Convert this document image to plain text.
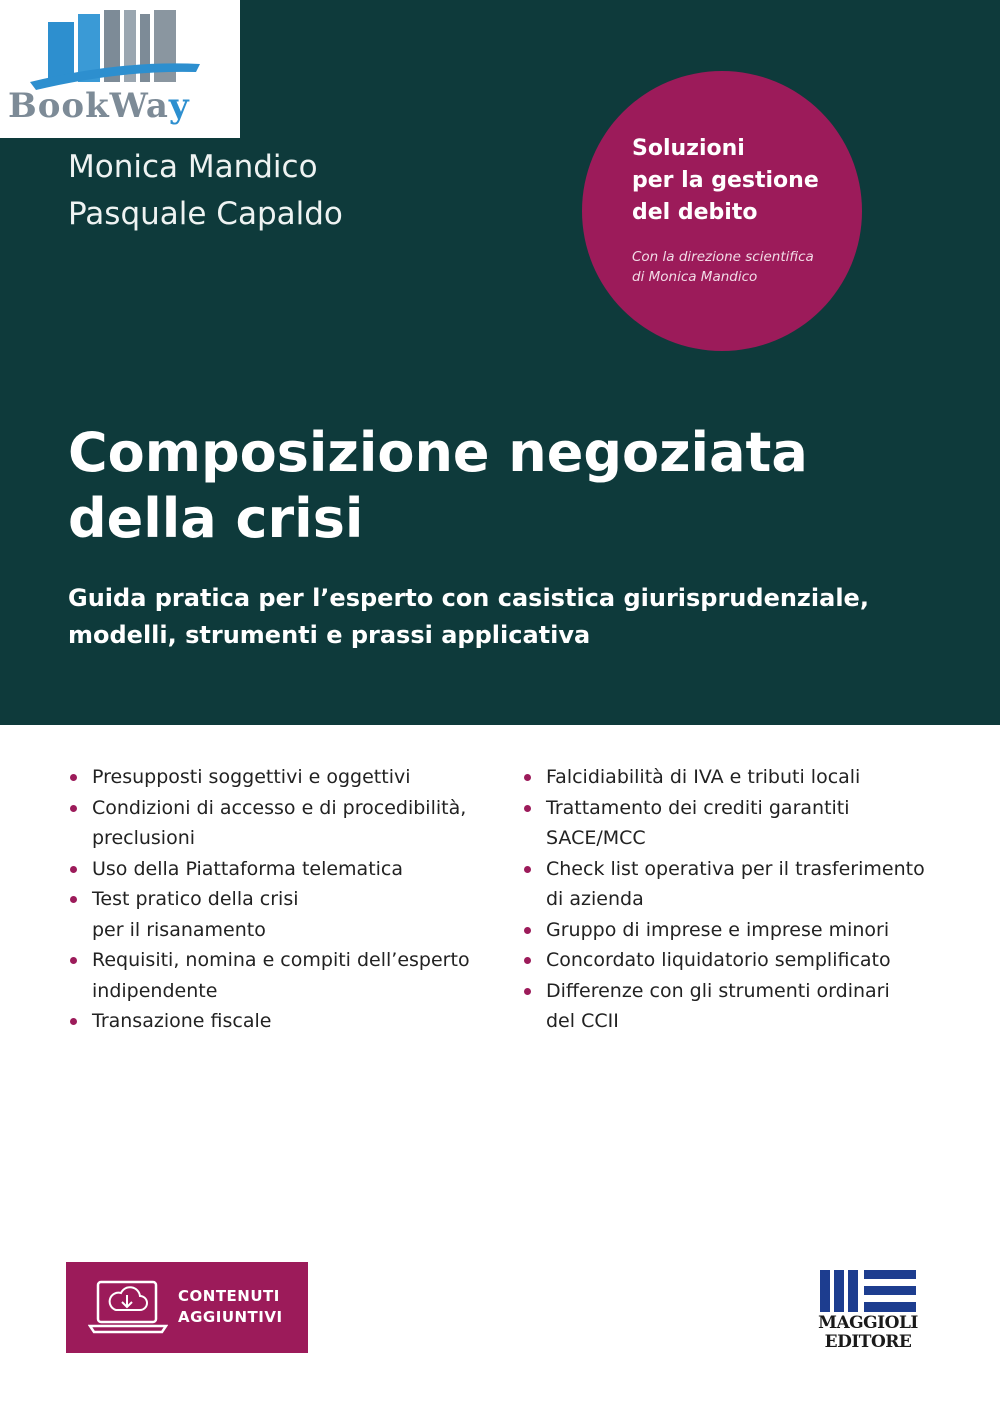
BookWay
Monica Mandico
Pasquale Capaldo
Soluzioni
per la gestione
del debito
Con la direzione scientifica
di Monica Mandico
Composizione negoziata
della crisi
Guida pratica per l’esperto con casistica giurisprudenziale,
modelli, strumenti e prassi applicativa
Presupposti soggettivi e oggettivi
Condizioni di accesso e di procedibilità,
preclusioni
Uso della Piattaforma telematica
Test pratico della crisi
per il risanamento
Requisiti, nomina e compiti dell’esperto
indipendente
Transazione fiscale
Falcidiabilità di IVA e tributi locali
Trattamento dei crediti garantiti
SACE/MCC
Check list operativa per il trasferimento
di azienda
Gruppo di imprese e imprese minori
Concordato liquidatorio semplificato
Differenze con gli strumenti ordinari
del CCII
CONTENUTI
AGGIUNTIVI	MAGGIOLI
EDITORE
